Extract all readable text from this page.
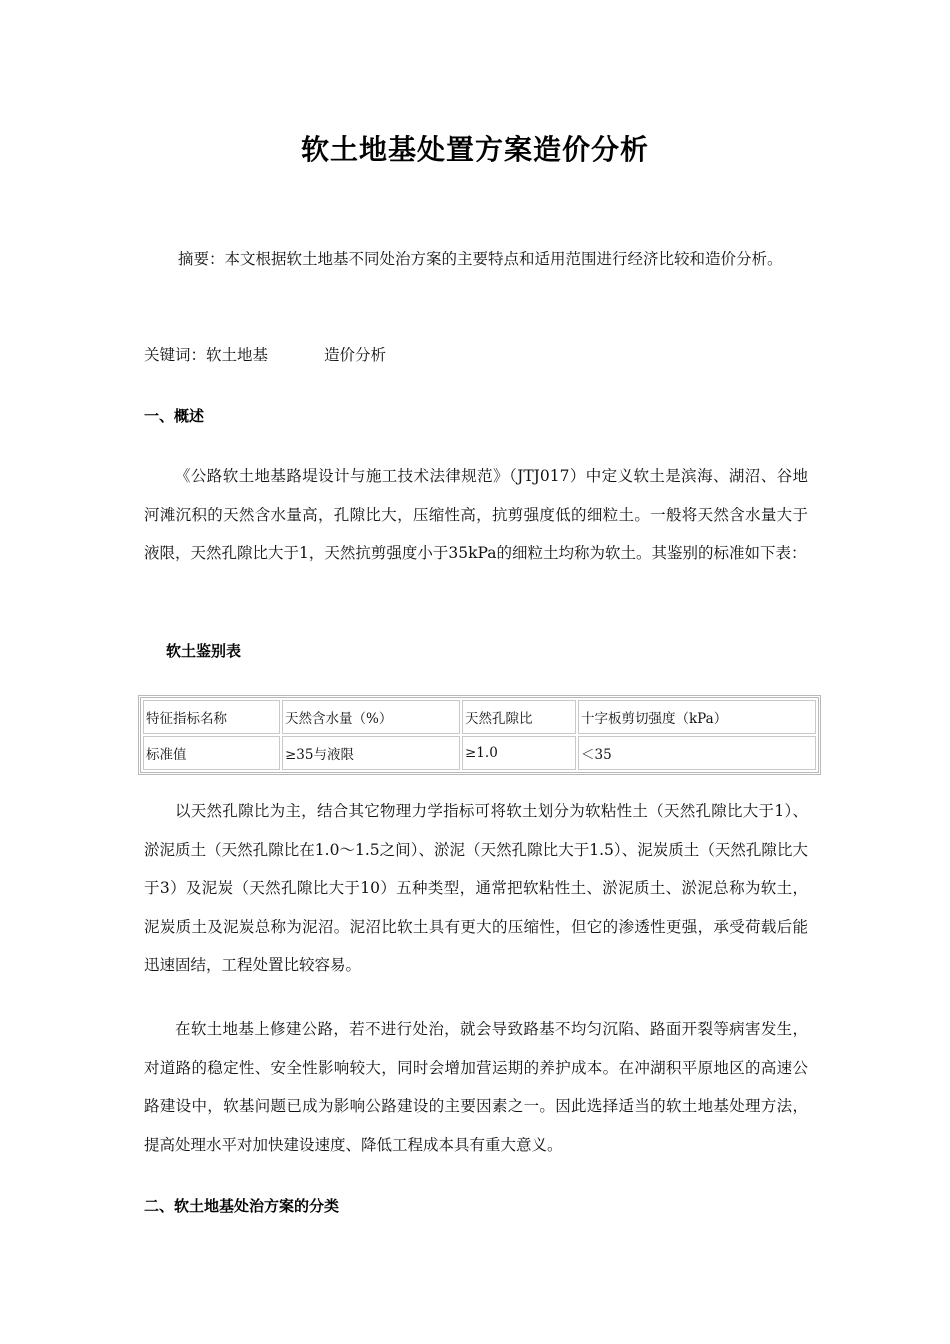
软土地基处置方案造价分析
摘要：本文根据软土地基不同处治方案的主要特点和适用范围进行经济比较和造价分析。
关键词：软土地基	造价分析
一、概述
《公路软土地基路堤设计与施工技术法律规范》（JTJ017）中定义软土是滨海、湖沼、谷地河滩沉积的天然含水量高，孔隙比大，压缩性高，抗剪强度低的细粒土。一般将天然含水量大于液限，天然孔隙比大于1，天然抗剪强度小于35kPa的细粒土均称为软土。其鉴别的标准如下表：
软土鉴别表
特征指标名称	天然含水量（%）	天然孔隙比	十字板剪切强度（kPa）
标准值	≥35与液限	≥1.0	＜35
以天然孔隙比为主，结合其它物理力学指标可将软土划分为软粘性土（天然孔隙比大于1）、淤泥质土（天然孔隙比在1.0～1.5之间）、淤泥（天然孔隙比大于1.5）、泥炭质土（天然孔隙比大于3）及泥炭（天然孔隙比大于10）五种类型，通常把软粘性土、淤泥质土、淤泥总称为软土，泥炭质土及泥炭总称为泥沼。泥沼比软土具有更大的压缩性，但它的渗透性更强，承受荷载后能迅速固结，工程处置比较容易。
在软土地基上修建公路，若不进行处治，就会导致路基不均匀沉陷、路面开裂等病害发生，对道路的稳定性、安全性影响较大，同时会增加营运期的养护成本。在冲湖积平原地区的高速公路建设中，软基问题已成为影响公路建设的主要因素之一。因此选择适当的软土地基处理方法，提高处理水平对加快建设速度、降低工程成本具有重大意义。
二、软土地基处治方案的分类
